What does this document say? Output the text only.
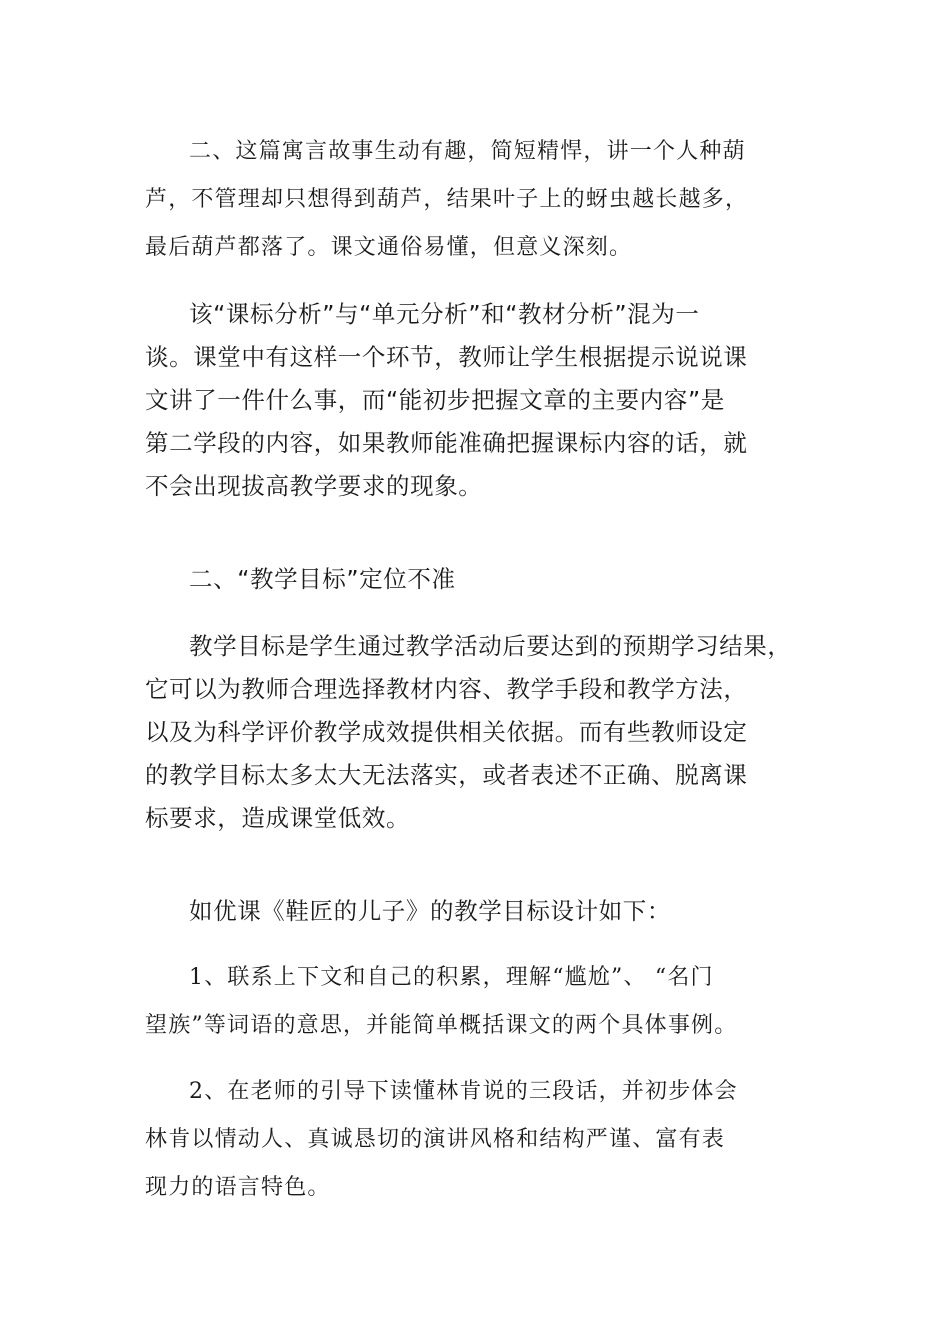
二、这篇寓言故事生动有趣，简短精悍，讲一个人种葫
芦，不管理却只想得到葫芦，结果叶子上的蚜虫越长越多，
最后葫芦都落了。课文通俗易懂，但意义深刻。

该“课标分析”与“单元分析”和“教材分析”混为一
谈。课堂中有这样一个环节，教师让学生根据提示说说课
文讲了一件什么事，而“能初步把握文章的主要内容”是
第二学段的内容，如果教师能准确把握课标内容的话，就
不会出现拔高教学要求的现象。

二、“教学目标”定位不准

教学目标是学生通过教学活动后要达到的预期学习结果，
它可以为教师合理选择教材内容、教学手段和教学方法，
以及为科学评价教学成效提供相关依据。而有些教师设定
的教学目标太多太大无法落实，或者表述不正确、脱离课
标要求，造成课堂低效。

如优课《鞋匠的儿子》的教学目标设计如下：

1、联系上下文和自己的积累，理解“尴尬”、 “名门
望族”等词语的意思，并能简单概括课文的两个具体事例。

2、在老师的引导下读懂林肯说的三段话，并初步体会
林肯以情动人、真诚恳切的演讲风格和结构严谨、富有表
现力的语言特色。
